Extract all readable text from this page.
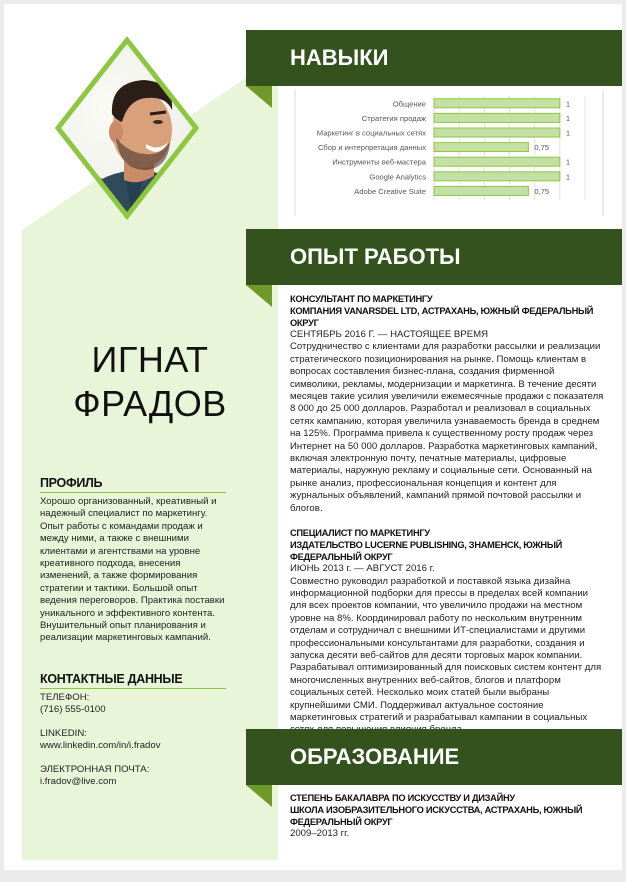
ИГНАТ
ФРАДОВ
ПРОФИЛЬ
Хорошо организованный, креативный и надежный специалист по маркетингу. Опыт работы с командами продаж и между ними, а также с внешними клиентами и агентствами на уровне креативного подхода, внесения изменений, а также формирования стратегии и тактики. Большой опыт ведения переговоров. Практика поставки уникального и эффективного контента. Внушительный опыт планирования и реализации маркетинговых кампаний.
КОНТАКТНЫЕ ДАННЫЕ
ТЕЛЕФОН:
(716) 555-0100
LINKEDIN:
www.linkedin.com/in/i.fradov
ЭЛЕКТРОННАЯ ПОЧТА:
i.fradov@live.com
НАВЫКИ
Общение	1
Стратегия продаж	1
Маркетинг в социальных сетях	1
Сбор и интерпретация данных	0,75
Инструменты веб-мастера	1
Google Analytics	1
Adobe Creative Suite	0,75
ОПЫТ РАБОТЫ
КОНСУЛЬТАНТ ПО МАРКЕТИНГУ
КОМПАНИЯ VANARSDEL LTD, АСТРАХАНЬ, ЮЖНЫЙ ФЕДЕРАЛЬНЫЙ ОКРУГ
СЕНТЯБРЬ 2016 Г. — НАСТОЯЩЕЕ ВРЕМЯ
Сотрудничество с клиентами для разработки рассылки и реализации стратегического позиционирования на рынке. Помощь клиентам в вопросах составления бизнес-плана, создания фирменной символики, рекламы, модернизации и маркетинга. В течение десяти месяцев такие усилия увеличили ежемесячные продажи с показателя 8 000 до 25 000 долларов. Разработал и реализовал в социальных сетях кампанию, которая увеличила узнаваемость бренда в среднем на 125%. Программа привела к существенному росту продаж через Интернет на 50 000 долларов. Разработка маркетинговых кампаний, включая электронную почту, печатные материалы, цифровые материалы, наружную рекламу и социальные сети. Основанный на рынке анализ, профессиональная концепция и контент для журнальных объявлений, кампаний прямой почтовой рассылки и блогов.
СПЕЦИАЛИСТ ПО МАРКЕТИНГУ
ИЗДАТЕЛЬСТВО LUCERNE PUBLISHING, ЗНАМЕНСК, ЮЖНЫЙ ФЕДЕРАЛЬНЫЙ ОКРУГ
ИЮНЬ 2013 г. — АВГУСТ 2016 г.
Совместно руководил разработкой и поставкой языка дизайна информационной подборки для прессы в пределах всей компании для всех проектов компании, что увеличило продажи на местном уровне на 8%. Координировал работу по нескольким внутренним отделам и сотрудничал с внешними ИТ-специалистами и другими профессиональными консультантами для разработки, создания и запуска десяти веб-сайтов для десяти торговых марок компании. Разрабатывал оптимизированный для поисковых систем контент для многочисленных внутренних веб-сайтов, блогов и платформ социальных сетей. Несколько моих статей были выбраны крупнейшими СМИ. Поддерживал актуальное состояние маркетинговых стратегий и разрабатывал кампании в социальных
ОБРАЗОВАНИЕ
СТЕПЕНЬ БАКАЛАВРА ПО ИСКУССТВУ И ДИЗАЙНУ
ШКОЛА ИЗОБРАЗИТЕЛЬНОГО ИСКУССТВА, АСТРАХАНЬ, ЮЖНЫЙ ФЕДЕРАЛЬНЫЙ ОКРУГ
2009–2013 гг.
